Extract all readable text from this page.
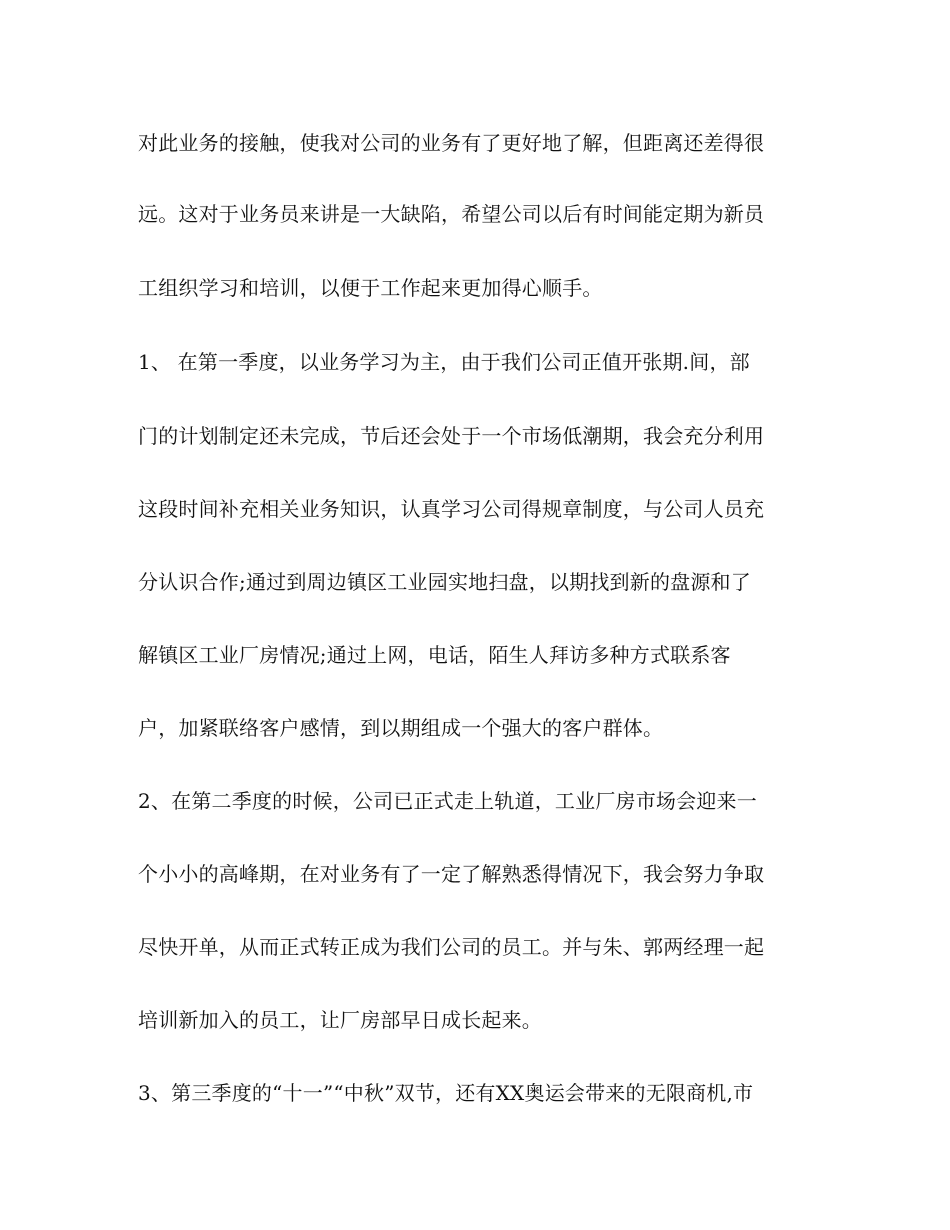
对此业务的接触，使我对公司的业务有了更好地了解，但距离还差得很

远。这对于业务员来讲是一大缺陷，希望公司以后有时间能定期为新员

工组织学习和培训，以便于工作起来更加得心顺手。

1、 在第一季度，以业务学习为主，由于我们公司正值开张期.间，部

门的计划制定还未完成，节后还会处于一个市场低潮期，我会充分利用

这段时间补充相关业务知识，认真学习公司得规章制度，与公司人员充

分认识合作;通过到周边镇区工业园实地扫盘，以期找到新的盘源和了

解镇区工业厂房情况;通过上网，电话，陌生人拜访多种方式联系客

户，加紧联络客户感情，到以期组成一个强大的客户群体。

2、在第二季度的时候，公司已正式走上轨道，工业厂房市场会迎来一

个小小的高峰期，在对业务有了一定了解熟悉得情况下，我会努力争取

尽快开单，从而正式转正成为我们公司的员工。并与朱、郭两经理一起

培训新加入的员工，让厂房部早日成长起来。

3、第三季度的“十一”“中秋”双节，还有XX奥运会带来的无限商机,市
